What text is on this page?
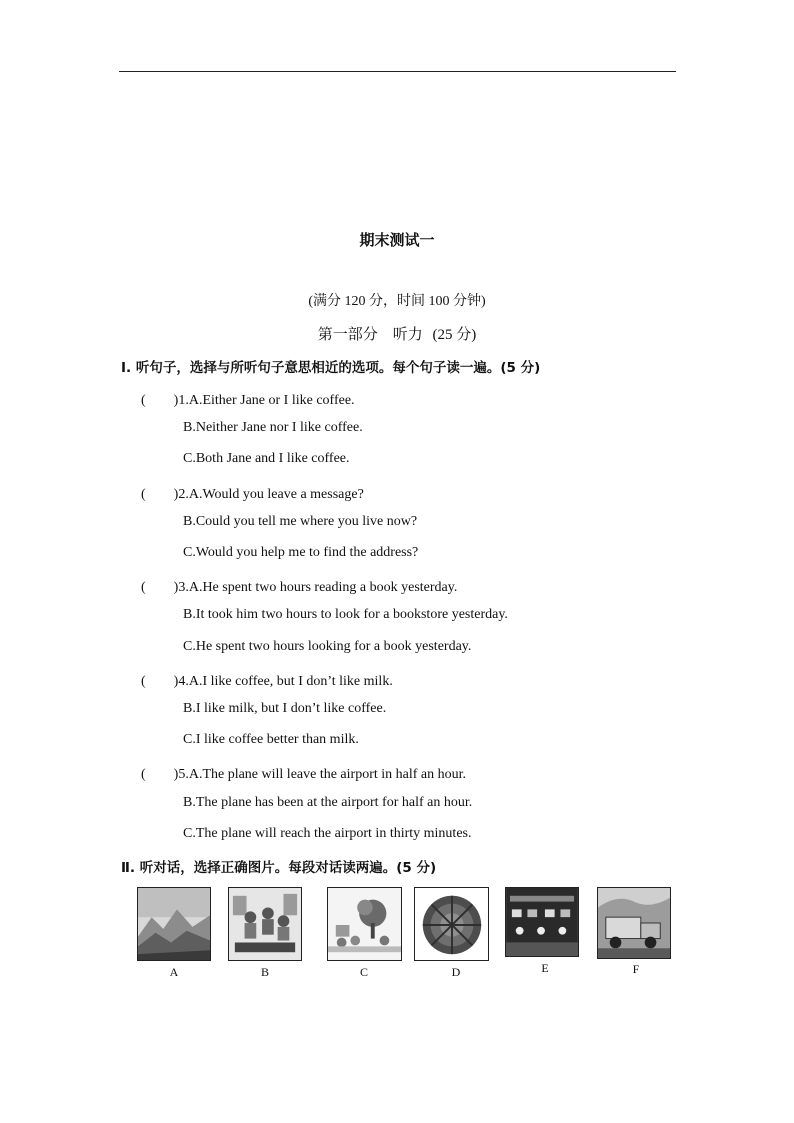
期末测试一
(满分 120 分，时间 100 分钟)
第一部分　听力 (25 分)
Ⅰ. 听句子，选择与所听句子意思相近的选项。每个句子读一遍。(5 分)
(　　)1.A.Either Jane or I like coffee.
B.Neither Jane nor I like coffee.
C.Both Jane and I like coffee.
(　　)2.A.Would you leave a message?
B.Could you tell me where you live now?
C.Would you help me to find the address?
(　　)3.A.He spent two hours reading a book yesterday.
B.It took him two hours to look for a bookstore yesterday.
C.He spent two hours looking for a book yesterday.
(　　)4.A.I like coffee, but I don’t like milk.
B.I like milk, but I don’t like coffee.
C.I like coffee better than milk.
(　　)5.A.The plane will leave the airport in half an hour.
B.The plane has been at the airport for half an hour.
C.The plane will reach the airport in thirty minutes.
Ⅱ. 听对话，选择正确图片。每段对话读两遍。(5 分)
A	B	C	D	E	F
